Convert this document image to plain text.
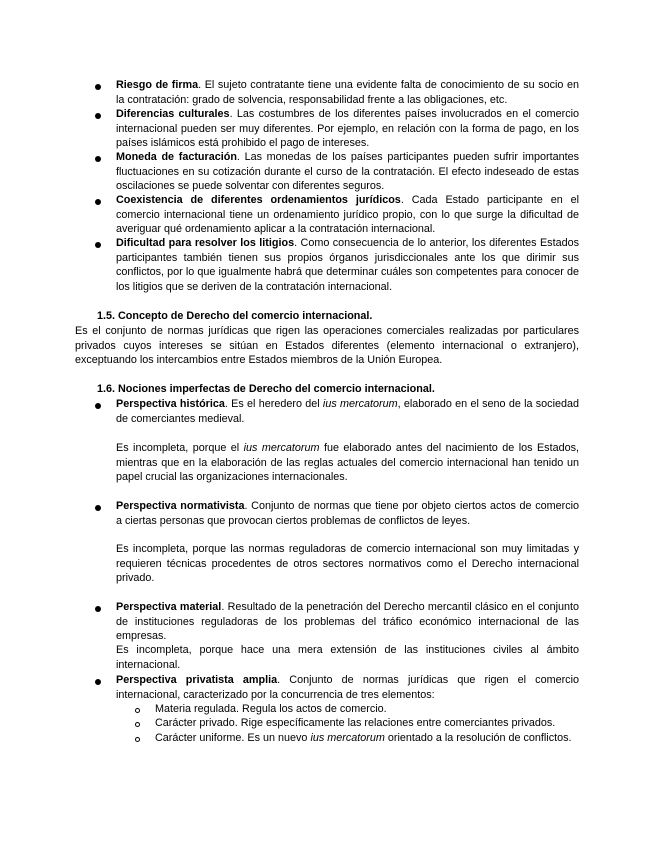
Riesgo de firma. El sujeto contratante tiene una evidente falta de conocimiento de su socio en la contratación: grado de solvencia, responsabilidad frente a las obligaciones, etc.
Diferencias culturales. Las costumbres de los diferentes países involucrados en el comercio internacional pueden ser muy diferentes. Por ejemplo, en relación con la forma de pago, en los países islámicos está prohibido el pago de intereses.
Moneda de facturación. Las monedas de los países participantes pueden sufrir importantes fluctuaciones en su cotización durante el curso de la contratación. El efecto indeseado de estas oscilaciones se puede solventar con diferentes seguros.
Coexistencia de diferentes ordenamientos jurídicos. Cada Estado participante en el comercio internacional tiene un ordenamiento jurídico propio, con lo que surge la dificultad de averiguar qué ordenamiento aplicar a la contratación internacional.
Dificultad para resolver los litigios. Como consecuencia de lo anterior, los diferentes Estados participantes también tienen sus propios órganos jurisdiccionales ante los que dirimir sus conflictos, por lo que igualmente habrá que determinar cuáles son competentes para conocer de los litigios que se deriven de la contratación internacional.
1.5. Concepto de Derecho del comercio internacional.
Es el conjunto de normas jurídicas que rigen las operaciones comerciales realizadas por particulares privados cuyos intereses se sitúan en Estados diferentes (elemento internacional o extranjero), exceptuando los intercambios entre Estados miembros de la Unión Europea.
1.6. Nociones imperfectas de Derecho del comercio internacional.
Perspectiva histórica. Es el heredero del ius mercatorum, elaborado en el seno de la sociedad de comerciantes medieval.
Es incompleta, porque el ius mercatorum fue elaborado antes del nacimiento de los Estados, mientras que en la elaboración de las reglas actuales del comercio internacional han tenido un papel crucial las organizaciones internacionales.
Perspectiva normativista. Conjunto de normas que tiene por objeto ciertos actos de comercio a ciertas personas que provocan ciertos problemas de conflictos de leyes.
Es incompleta, porque las normas reguladoras de comercio internacional son muy limitadas y requieren técnicas procedentes de otros sectores normativos como el Derecho internacional privado.
Perspectiva material. Resultado de la penetración del Derecho mercantil clásico en el conjunto de instituciones reguladoras de los problemas del tráfico económico internacional de las empresas.
Es incompleta, porque hace una mera extensión de las instituciones civiles al ámbito internacional.
Perspectiva privatista amplia. Conjunto de normas jurídicas que rigen el comercio internacional, caracterizado por la concurrencia de tres elementos:
Materia regulada. Regula los actos de comercio.
Carácter privado. Rige específicamente las relaciones entre comerciantes privados.
Carácter uniforme. Es un nuevo ius mercatorum orientado a la resolución de conflictos.
